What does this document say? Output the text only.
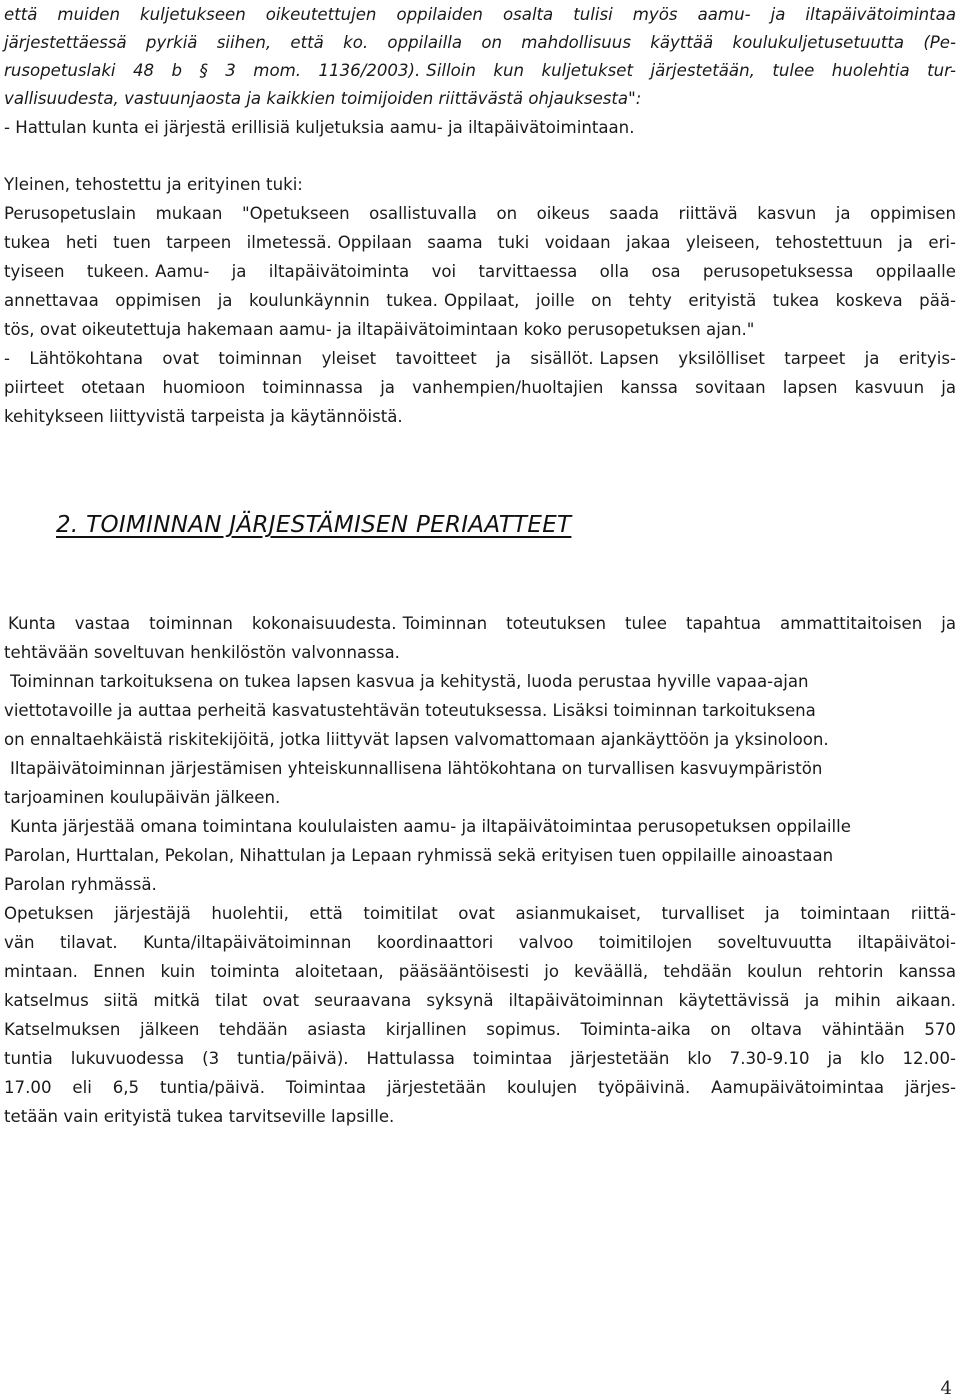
että muiden kuljetukseen oikeutettujen oppilaiden osalta tulisi myös aamu- ja iltapäivätoimintaa
järjestettäessä pyrkiä siihen, että ko. oppilailla on mahdollisuus käyttää koulukuljetusetuutta (Pe-
rusopetuslaki 48 b § 3 mom. 1136/2003). Silloin kun kuljetukset järjestetään, tulee huolehtia tur-
vallisuudesta, vastuunjaosta ja kaikkien toimijoiden riittävästä ohjauksesta":
- Hattulan kunta ei järjestä erillisiä kuljetuksia aamu- ja iltapäivätoimintaan.
Yleinen, tehostettu ja erityinen tuki:
Perusopetuslain mukaan "Opetukseen osallistuvalla on oikeus saada riittävä kasvun ja oppimisen
tukea heti tuen tarpeen ilmetessä. Oppilaan saama tuki voidaan jakaa yleiseen, tehostettuun ja eri-
tyiseen tukeen. Aamu- ja iltapäivätoiminta voi tarvittaessa olla osa perusopetuksessa oppilaalle
annettavaa oppimisen ja koulunkäynnin tukea. Oppilaat, joille on tehty erityistä tukea koskeva pää-
tös, ovat oikeutettuja hakemaan aamu- ja iltapäivätoimintaan koko perusopetuksen ajan."
- Lähtökohtana ovat toiminnan yleiset tavoitteet ja sisällöt. Lapsen yksilölliset tarpeet ja erityis-
piirteet otetaan huomioon toiminnassa ja vanhempien/huoltajien kanssa sovitaan lapsen kasvuun ja
kehitykseen liittyvistä tarpeista ja käytännöistä.
2. TOIMINNAN JÄRJESTÄMISEN PERIAATTEET
Kunta vastaa toiminnan kokonaisuudesta. Toiminnan toteutuksen tulee tapahtua ammattitaitoisen ja
tehtävään soveltuvan henkilöstön valvonnassa.
Toiminnan tarkoituksena on tukea lapsen kasvua ja kehitystä, luoda perustaa hyville vapaa-ajan
viettotavoille ja auttaa perheitä kasvatustehtävän toteutuksessa. Lisäksi toiminnan tarkoituksena
on ennaltaehkäistä riskitekijöitä, jotka liittyvät lapsen valvomattomaan ajankäyttöön ja yksinoloon.
Iltapäivätoiminnan järjestämisen yhteiskunnallisena lähtökohtana on turvallisen kasvuympäristön
tarjoaminen koulupäivän jälkeen.
Kunta järjestää omana toimintana koululaisten aamu- ja iltapäivätoimintaa perusopetuksen oppilaille
Parolan, Hurttalan, Pekolan, Nihattulan ja Lepaan ryhmissä sekä erityisen tuen oppilaille ainoastaan
Parolan ryhmässä.
Opetuksen järjestäjä huolehtii, että toimitilat ovat asianmukaiset, turvalliset ja toimintaan riittä-
vän tilavat. Kunta/iltapäivätoiminnan koordinaattori valvoo toimitilojen soveltuvuutta iltapäivätoi-
mintaan. Ennen kuin toiminta aloitetaan, pääsääntöisesti jo keväällä, tehdään koulun rehtorin kanssa
katselmus siitä mitkä tilat ovat seuraavana syksynä iltapäivätoiminnan käytettävissä ja mihin aikaan.
Katselmuksen jälkeen tehdään asiasta kirjallinen sopimus. Toiminta-aika on oltava vähintään 570
tuntia lukuvuodessa (3 tuntia/päivä). Hattulassa toimintaa järjestetään klo 7.30-9.10 ja klo 12.00-
17.00 eli 6,5 tuntia/päivä. Toimintaa järjestetään koulujen työpäivinä. Aamupäivätoimintaa järjes-
tetään vain erityistä tukea tarvitseville lapsille.
4
